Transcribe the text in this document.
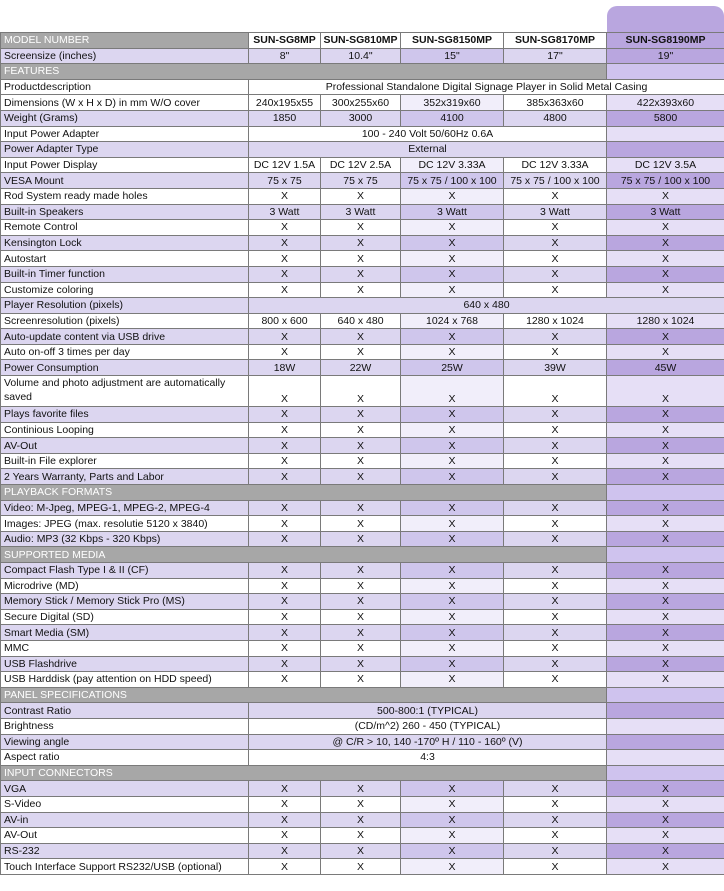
MODEL NUMBER	SUN-SG8MP	SUN-SG810MP	SUN-SG8150MP	SUN-SG8170MP	SUN-SG8190MP
Screensize (inches)	8"	10.4"	15"	17"	19"
FEATURES					
Productdescription	Professional Standalone Digital Signage Player in Solid Metal Casing				
Dimensions (W x H x D) in mm W/O cover	240x195x55	300x255x60	352x319x60	385x363x60	422x393x60
Weight (Grams)	1850	3000	4100	4800	5800
Input Power Adapter	100 - 240 Volt 50/60Hz 0.6A				
Power Adapter Type	External				
Input Power Display	DC 12V 1.5A	DC 12V 2.5A	DC 12V 3.33A	DC 12V 3.33A	DC 12V 3.5A
VESA Mount	75 x 75	75 x 75	75 x 75 / 100 x 100	75 x 75 / 100 x 100	75 x 75 / 100 x 100
Rod System ready made holes	X	X	X	X	X
Built-in Speakers	3 Watt	3 Watt	3 Watt	3 Watt	3 Watt
Remote Control	X	X	X	X	X
Kensington Lock	X	X	X	X	X
Autostart	X	X	X	X	X
Built-in Timer function	X	X	X	X	X
Customize coloring	X	X	X	X	X
Player Resolution (pixels)	640 x 480				
Screenresolution (pixels)	800 x 600	640 x 480	1024 x 768	1280 x 1024	1280 x 1024
Auto-update content via USB drive	X	X	X	X	X
Auto on-off 3 times per day	X	X	X	X	X
Power Consumption	18W	22W	25W	39W	45W
Volume and photo adjustment are automatically saved	X	X	X	X	X
Plays favorite files	X	X	X	X	X
Continious Looping	X	X	X	X	X
AV-Out	X	X	X	X	X
Built-in File explorer	X	X	X	X	X
2 Years Warranty, Parts and Labor	X	X	X	X	X
PLAYBACK FORMATS					
Video: M-Jpeg, MPEG-1, MPEG-2, MPEG-4	X	X	X	X	X
Images: JPEG (max. resolutie 5120 x 3840)	X	X	X	X	X
Audio: MP3 (32 Kbps - 320 Kbps)	X	X	X	X	X
SUPPORTED MEDIA					
Compact Flash Type I & II (CF)	X	X	X	X	X
Microdrive (MD)	X	X	X	X	X
Memory Stick / Memory Stick Pro (MS)	X	X	X	X	X
Secure Digital (SD)	X	X	X	X	X
Smart Media (SM)	X	X	X	X	X
MMC	X	X	X	X	X
USB Flashdrive	X	X	X	X	X
USB Harddisk (pay attention on HDD speed)	X	X	X	X	X
PANEL SPECIFICATIONS					
Contrast Ratio	500-800:1 (TYPICAL)				
Brightness	(CD/m^2) 260 - 450 (TYPICAL)				
Viewing angle	@ C/R > 10, 140 -170º H / 110 - 160º (V)				
Aspect ratio	4:3				
INPUT CONNECTORS					
VGA	X	X	X	X	X
S-Video	X	X	X	X	X
AV-in	X	X	X	X	X
AV-Out	X	X	X	X	X
RS-232	X	X	X	X	X
Touch Interface Support RS232/USB (optional)	X	X	X	X	X
